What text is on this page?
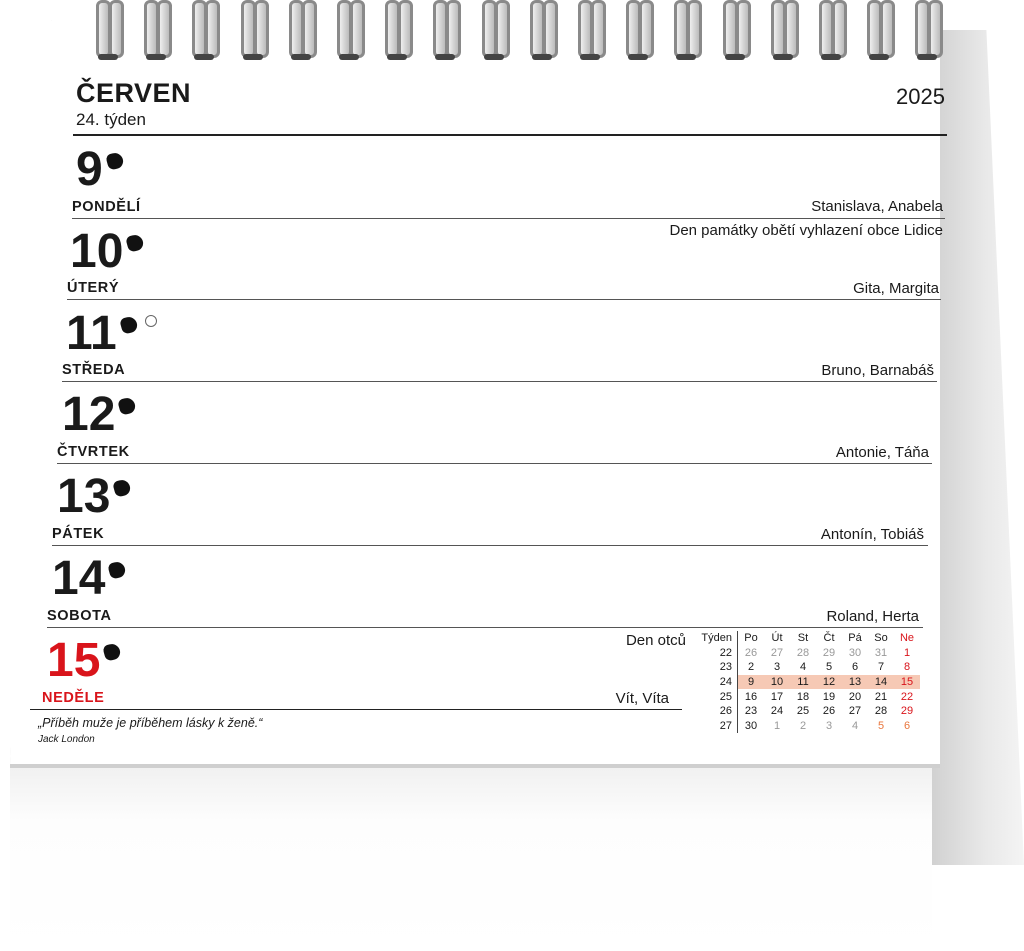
ČERVEN
24. týden
2025
9
PONDĚLÍ	Stanislava, Anabela
Den památky obětí vyhlazení obce Lidice
10
ÚTERÝ	Gita, Margita
11
STŘEDA	Bruno, Barnabáš
12
ČTVRTEK	Antonie, Táňa
13
PÁTEK	Antonín, Tobiáš
14
SOBOTA	Roland, Herta
Den otců
15
NEDĚLE	Vít, Víta
„Příběh muže je příběhem lásky k ženě.“
Jack London
Týden	Po	Út	St	Čt	Pá	So	Ne
22	26	27	28	29	30	31	1
23	2	3	4	5	6	7	8
24	9	10	11	12	13	14	15
25	16	17	18	19	20	21	22
26	23	24	25	26	27	28	29
27	30	1	2	3	4	5	6
